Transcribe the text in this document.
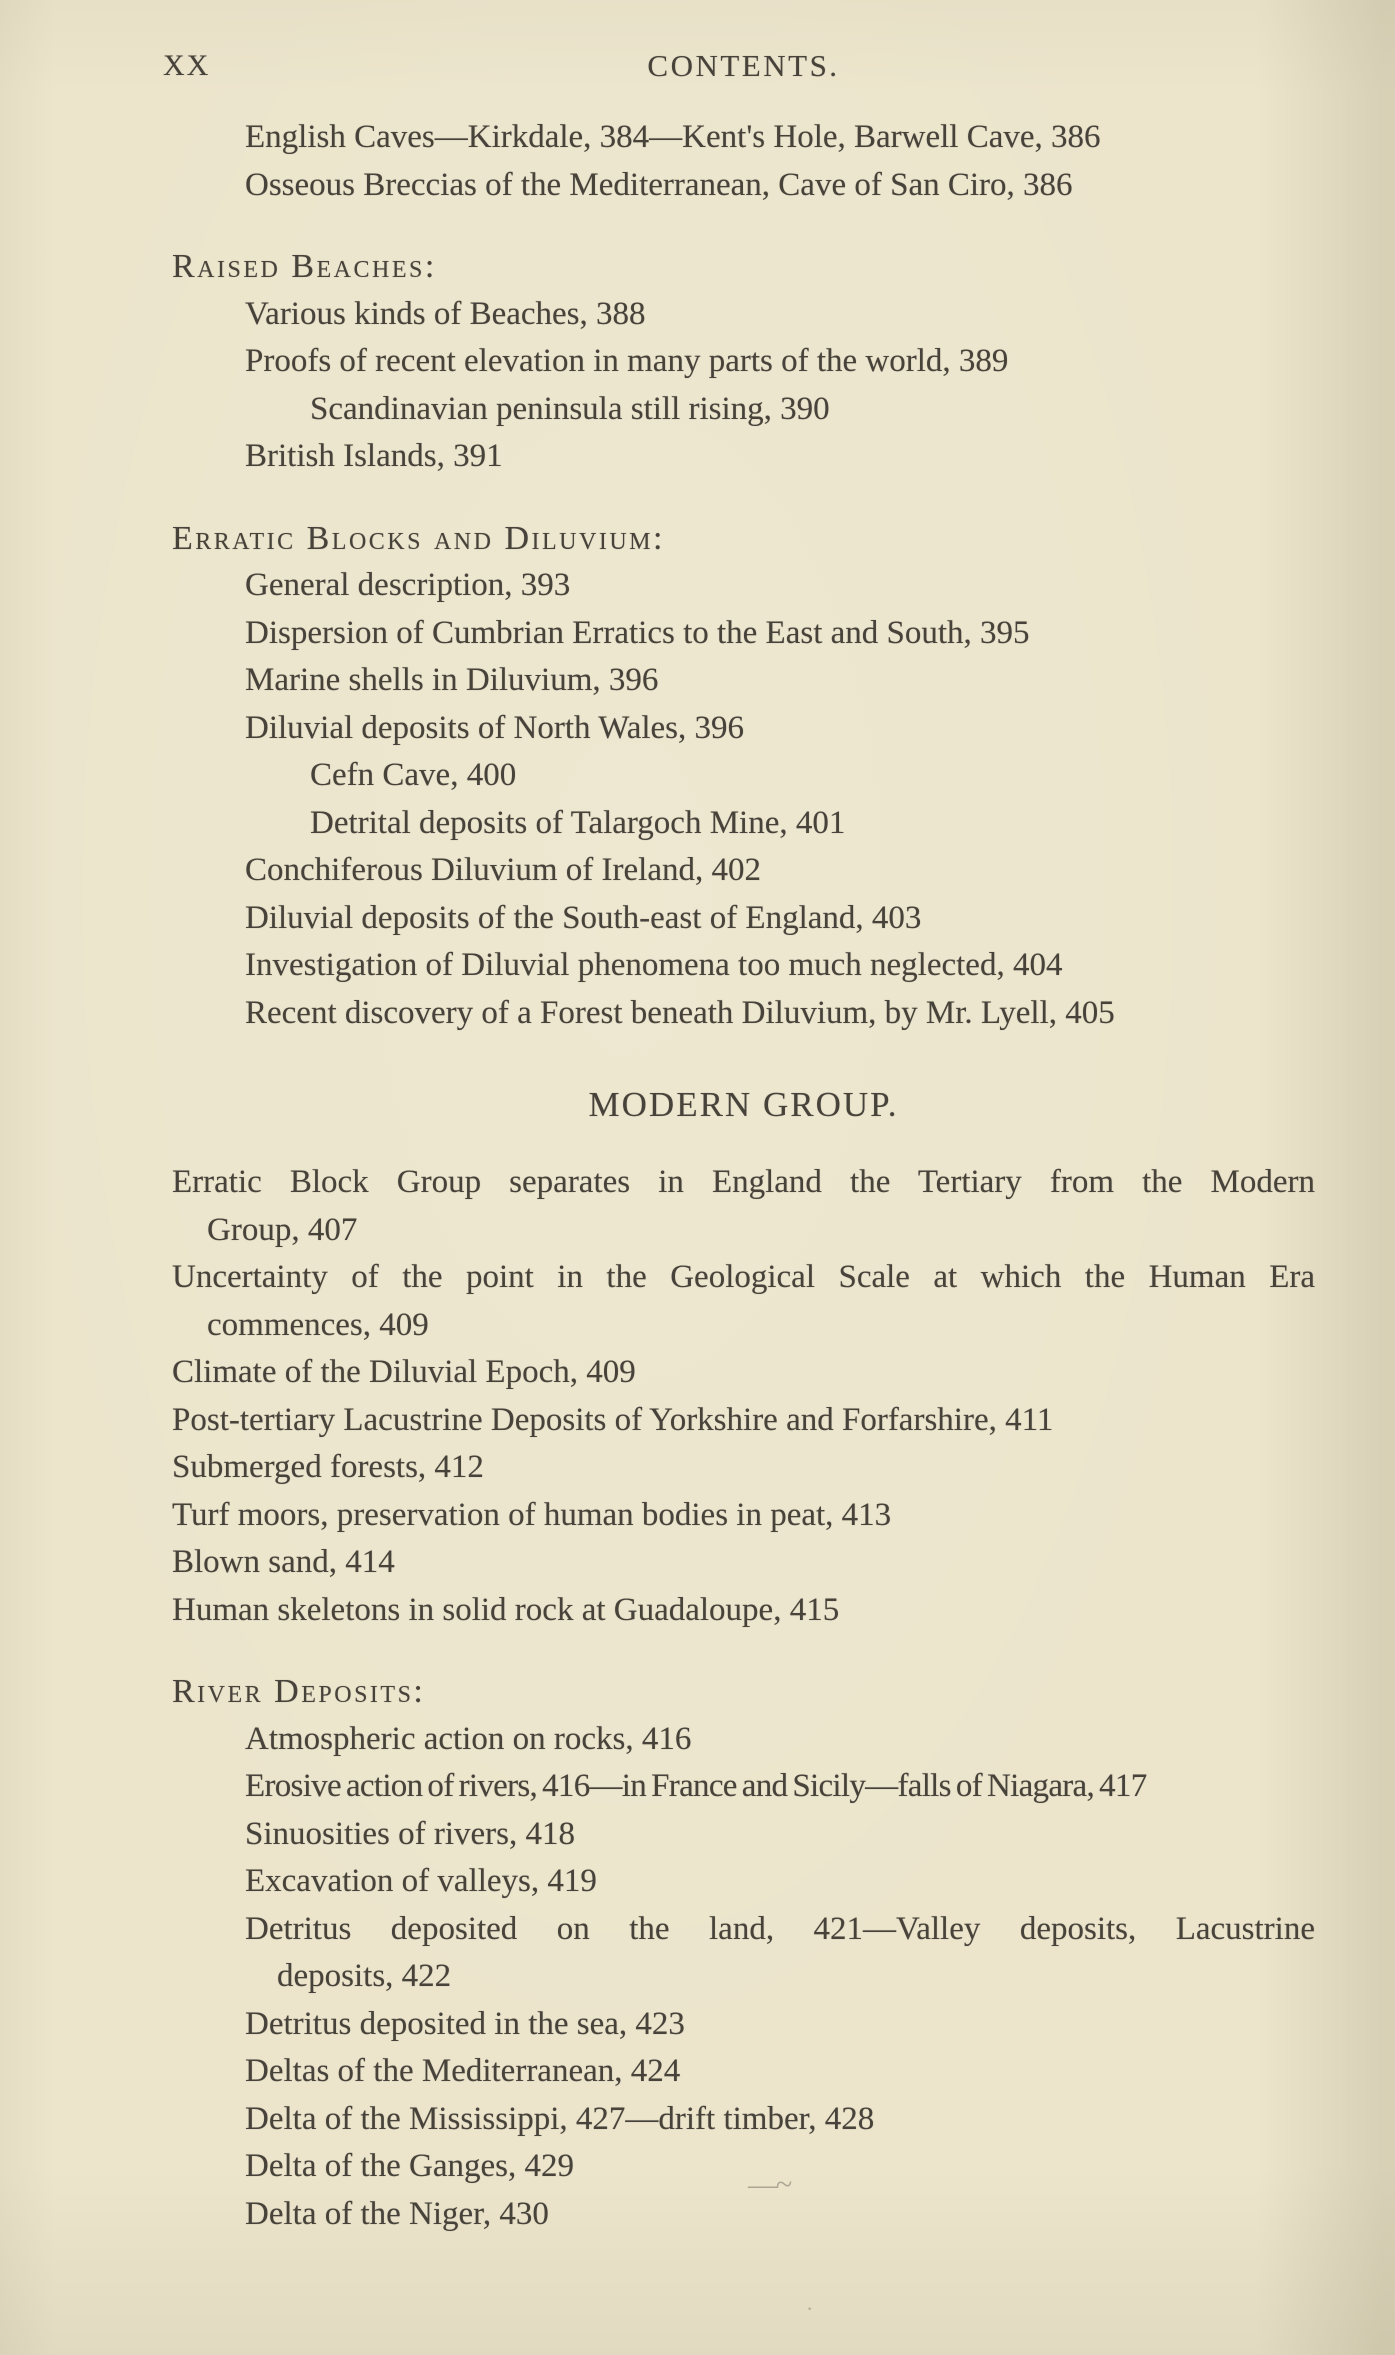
XX	CONTENTS.
English Caves—Kirkdale, 384—Kent's Hole, Barwell Cave, 386
Osseous Breccias of the Mediterranean, Cave of San Ciro, 386
Raised Beaches:
Various kinds of Beaches, 388
Proofs of recent elevation in many parts of the world, 389
Scandinavian peninsula still rising, 390
British Islands, 391
Erratic Blocks and Diluvium:
General description, 393
Dispersion of Cumbrian Erratics to the East and South, 395
Marine shells in Diluvium, 396
Diluvial deposits of North Wales, 396
Cefn Cave, 400
Detrital deposits of Talargoch Mine, 401
Conchiferous Diluvium of Ireland, 402
Diluvial deposits of the South-east of England, 403
Investigation of Diluvial phenomena too much neglected, 404
Recent discovery of a Forest beneath Diluvium, by Mr. Lyell, 405
MODERN GROUP.
Erratic Block Group separates in England the Tertiary from the Modern
Group, 407
Uncertainty of the point in the Geological Scale at which the Human Era
commences, 409
Climate of the Diluvial Epoch, 409
Post-tertiary Lacustrine Deposits of Yorkshire and Forfarshire, 411
Submerged forests, 412
Turf moors, preservation of human bodies in peat, 413
Blown sand, 414
Human skeletons in solid rock at Guadaloupe, 415
River Deposits:
Atmospheric action on rocks, 416
Erosive action of rivers, 416—in France and Sicily—falls of Niagara, 417
Sinuosities of rivers, 418
Excavation of valleys, 419
Detritus deposited on the land, 421—Valley deposits, Lacustrine
deposits, 422
Detritus deposited in the sea, 423
Deltas of the Mediterranean, 424
Delta of the Mississippi, 427—drift timber, 428
Delta of the Ganges, 429
Delta of the Niger, 430
—~
·
